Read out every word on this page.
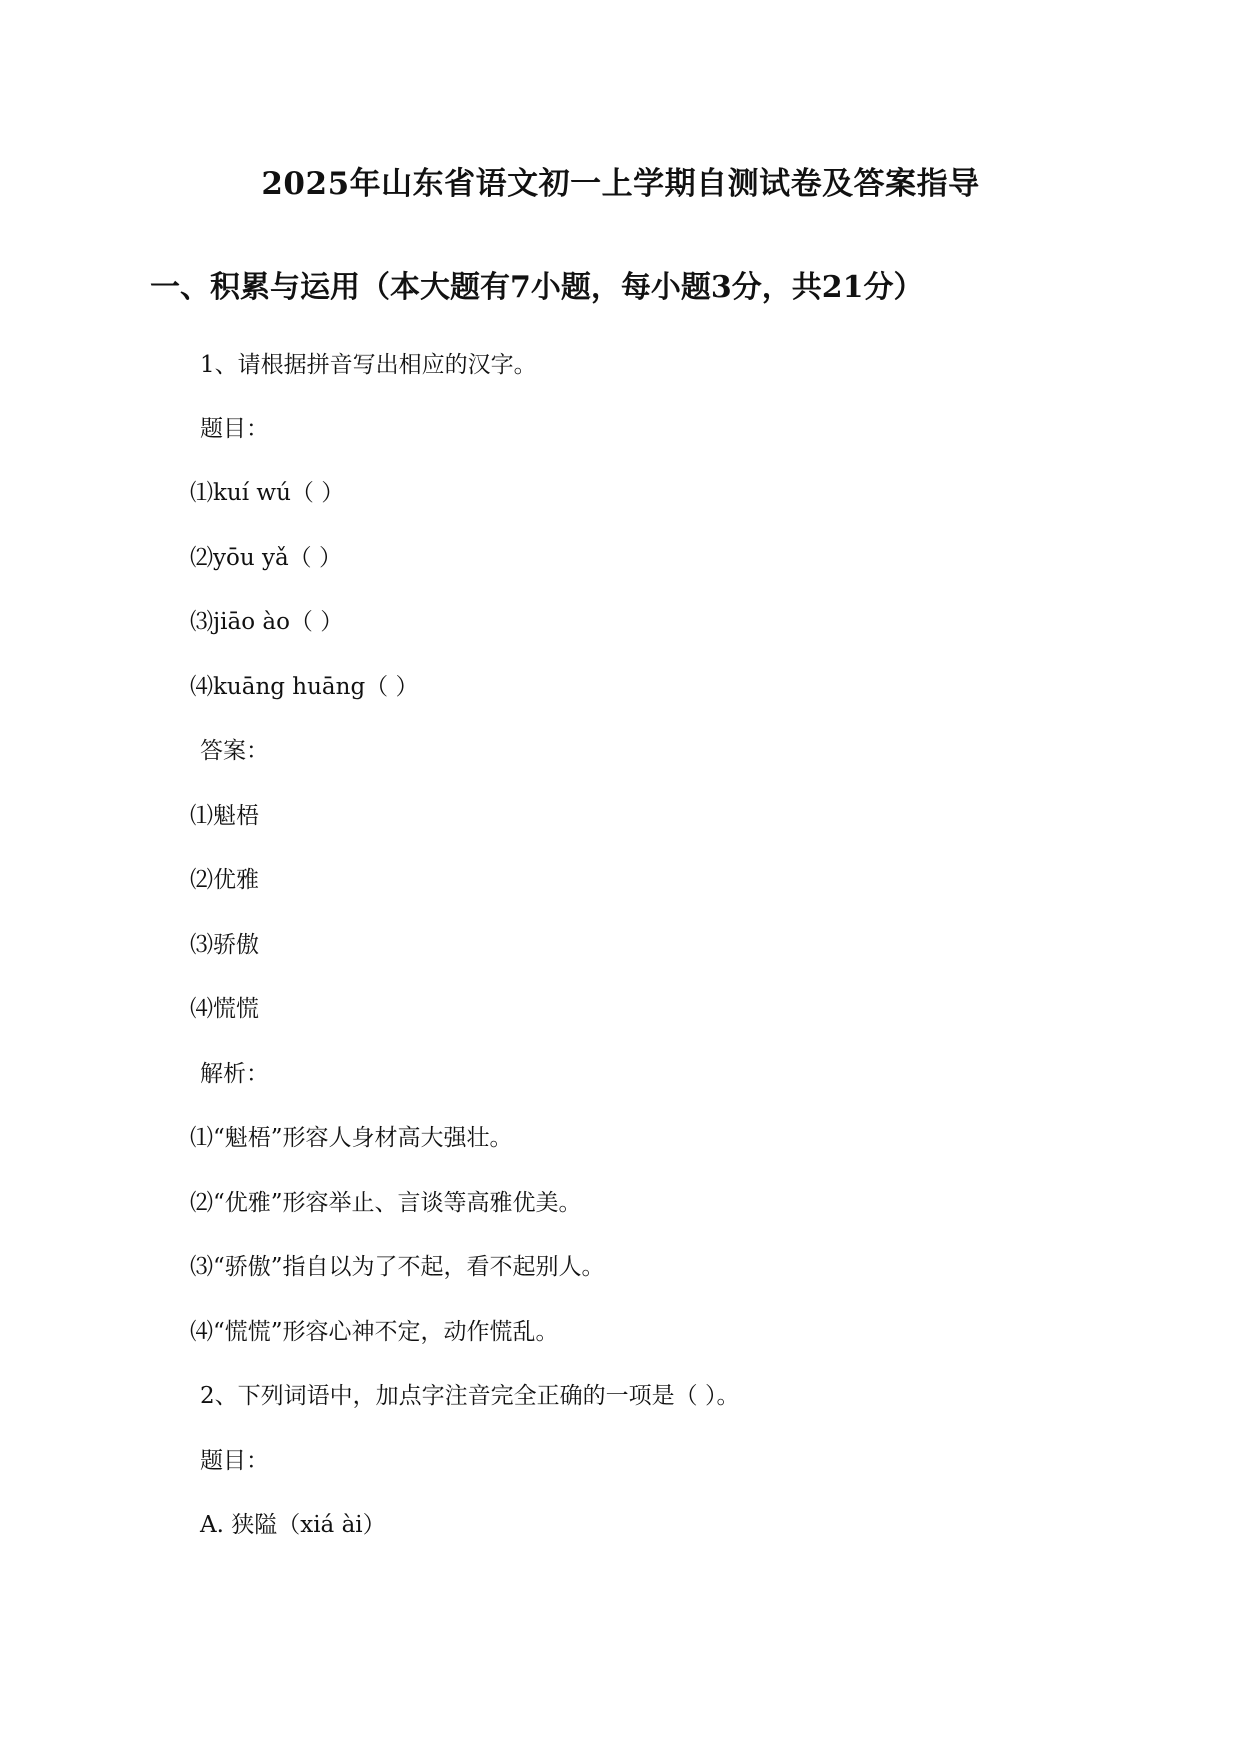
2025年山东省语文初一上学期自测试卷及答案指导
一、积累与运用（本大题有7小题，每小题3分，共21分）
1、请根据拼音写出相应的汉字。
题目：
⑴kuí wú（ ）
⑵yōu yǎ（ ）
⑶jiāo ào（ ）
⑷kuāng huāng（ ）
答案：
⑴魁梧
⑵优雅
⑶骄傲
⑷慌慌
解析：
⑴“魁梧”形容人身材高大强壮。
⑵“优雅”形容举止、言谈等高雅优美。
⑶“骄傲”指自以为了不起，看不起别人。
⑷“慌慌”形容心神不定，动作慌乱。
2、下列词语中，加点字注音完全正确的一项是（ ）。
题目：
A. 狭隘（xiá ài）
